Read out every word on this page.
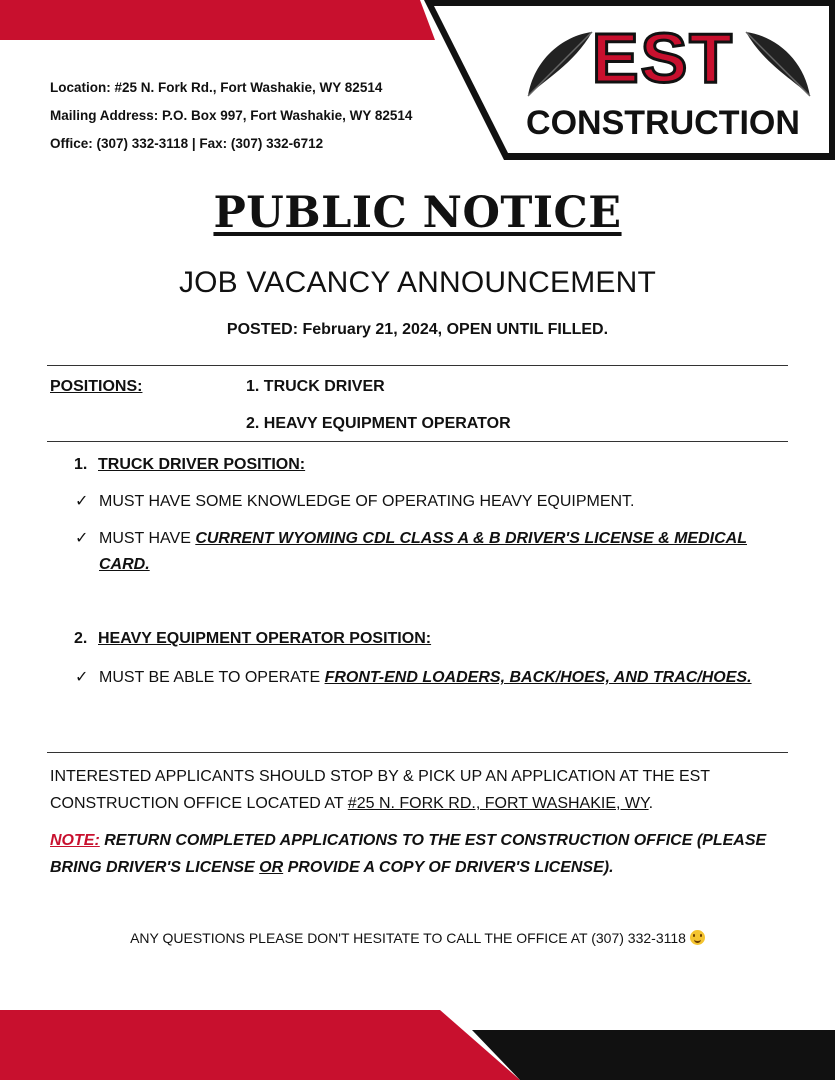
EST
CONSTRUCTION
Location: #25 N. Fork Rd., Fort Washakie, WY 82514
Mailing Address: P.O. Box 997, Fort Washakie, WY 82514
Office: (307) 332-3118 | Fax: (307) 332-6712
PUBLIC NOTICE
JOB VACANCY ANNOUNCEMENT
POSTED: February 21, 2024, OPEN UNTIL FILLED.
POSITIONS:	1. TRUCK DRIVER
2. HEAVY EQUIPMENT OPERATOR
1. TRUCK DRIVER POSITION:
✓ MUST HAVE SOME KNOWLEDGE OF OPERATING HEAVY EQUIPMENT.
✓ MUST HAVE CURRENT WYOMING CDL CLASS A & B DRIVER'S LICENSE & MEDICAL CARD.
2. HEAVY EQUIPMENT OPERATOR POSITION:
✓ MUST BE ABLE TO OPERATE FRONT-END LOADERS, BACK/HOES, AND TRAC/HOES.
INTERESTED APPLICANTS SHOULD STOP BY & PICK UP AN APPLICATION AT THE EST CONSTRUCTION OFFICE LOCATED AT #25 N. FORK RD., FORT WASHAKIE, WY.
NOTE: RETURN COMPLETED APPLICATIONS TO THE EST CONSTRUCTION OFFICE (PLEASE BRING DRIVER'S LICENSE OR PROVIDE A COPY OF DRIVER'S LICENSE).
ANY QUESTIONS PLEASE DON'T HESITATE TO CALL THE OFFICE AT (307) 332-3118
